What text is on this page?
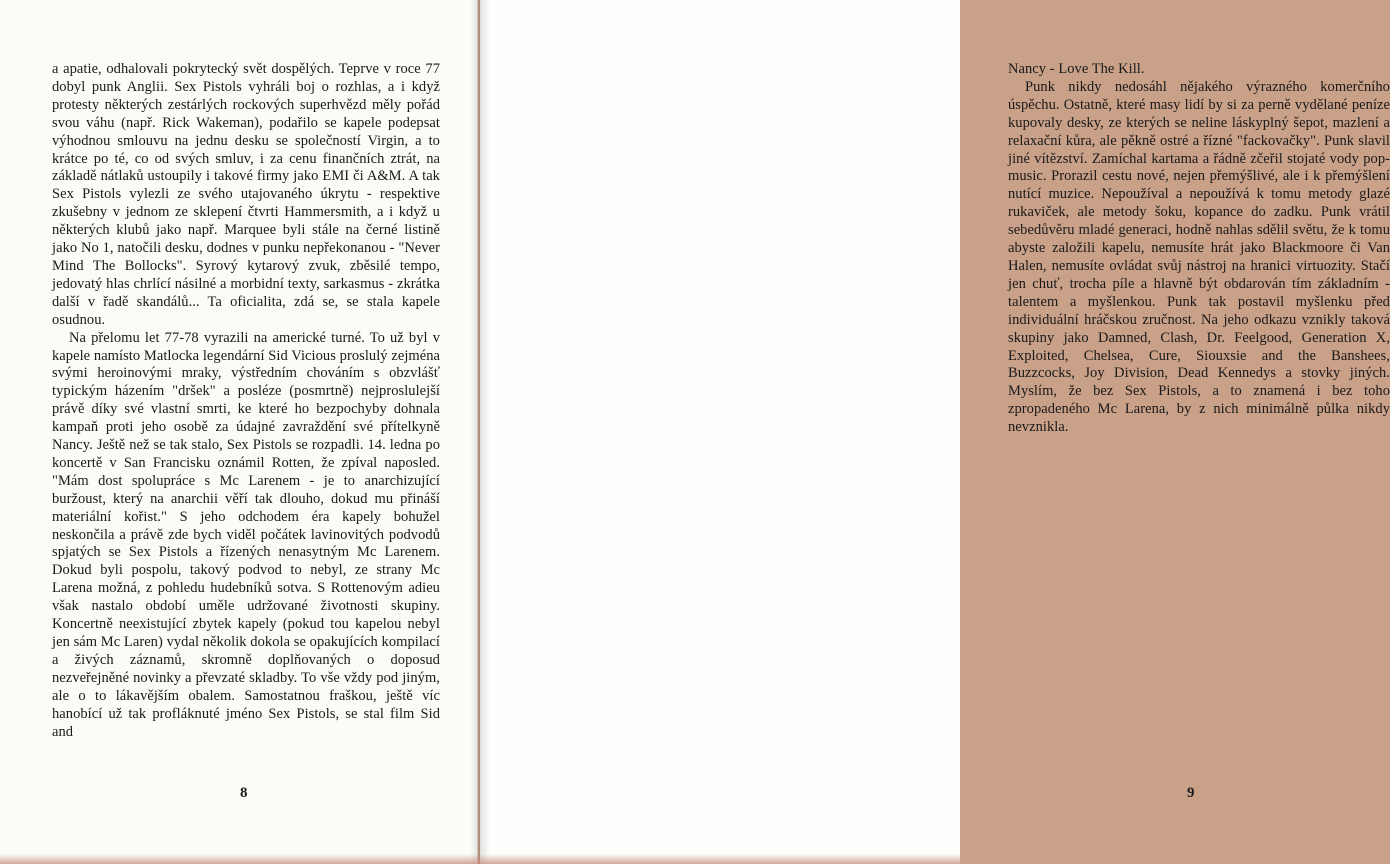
a apatie, odhalovali pokrytecký svět dospělých. Teprve v roce 77 dobyl punk Anglii. Sex Pistols vyhráli boj o rozhlas, a i když protesty některých zestárlých rockových superhvězd měly pořád svou váhu (např. Rick Wakeman), podařilo se kapele podepsat výhodnou smlouvu na jednu desku se společností Virgin, a to krátce po té, co od svých smluv, i za cenu finančních ztrát, na základě nátlaků ustoupily i takové firmy jako EMI či A&M. A tak Sex Pistols vylezli ze svého utajovaného úkrytu - respektive zkušebny v jednom ze sklepení čtvrti Hammersmith, a i když u některých klubů jako např. Marquee byli stále na černé listině jako No 1, natočili desku, dodnes v punku nepřekonanou - "Never Mind The Bollocks". Syrový kytarový zvuk, zběsilé tempo, jedovatý hlas chrlící násilné a morbidní texty, sarkasmus - zkrátka další v řadě skandálů... Ta oficialita, zdá se, se stala kapele osudnou.

Na přelomu let 77-78 vyrazili na americké turné. To už byl v kapele namísto Matlocka legendární Sid Vicious proslulý zejména svými heroinovými mraky, výstředním chováním s obzvlášť typickým házením "dršek" a posléze (posmrtně) nejproslulejší právě díky své vlastní smrti, ke které ho bezpochyby dohnala kampaň proti jeho osobě za údajné zavraždění své přítelkyně Nancy. Ještě než se tak stalo, Sex Pistols se rozpadli. 14. ledna po koncertě v San Francisku oznámil Rotten, že zpíval naposled. "Mám dost spolupráce s Mc Larenem - je to anarchizující buržoust, který na anarchii věří tak dlouho, dokud mu přináší materiální kořist." S jeho odchodem éra kapely bohužel neskončila a právě zde bych viděl počátek lavinovitých podvodů spjatých se Sex Pistols a řízených nenasytným Mc Larenem. Dokud byli pospolu, takový podvod to nebyl, ze strany Mc Larena možná, z pohledu hudebníků sotva. S Rottenovým adieu však nastalo období uměle udržované životnosti skupiny. Koncertně neexistující zbytek kapely (pokud tou kapelou nebyl jen sám Mc Laren) vydal několik dokola se opakujících kompilací a živých záznamů, skromně doplňovaných o doposud nezveřejněné novinky a převzaté skladby. To vše vždy pod jiným, ale o to lákavějším obalem. Samostatnou fraškou, ještě víc hanobící už tak profláknuté jméno Sex Pistols, se stal film Sid and

8

Nancy - Love The Kill.

Punk nikdy nedosáhl nějakého výrazného komerčního úspěchu. Ostatně, které masy lidí by si za perně vydělané peníze kupovaly desky, ze kterých se neline láskyplný šepot, mazlení a relaxační kůra, ale pěkně ostré a řízné "fackovačky". Punk slavil jiné vítězství. Zamíchal kartama a řádně zčeřil stojaté vody pop-music. Prorazil cestu nové, nejen přemýšlivé, ale i k přemýšlení nutící muzice. Nepoužíval a nepoužívá k tomu metody glazé rukaviček, ale metody šoku, kopance do zadku. Punk vrátil sebedůvěru mladé generaci, hodně nahlas sdělil světu, že k tomu abyste založili kapelu, nemusíte hrát jako Blackmoore či Van Halen, nemusíte ovládat svůj nástroj na hranici virtuozity. Stačí jen chuť, trocha píle a hlavně být obdarován tím základním - talentem a myšlenkou. Punk tak postavil myšlenku před individuální hráčskou zručnost. Na jeho odkazu vznikly taková skupiny jako Damned, Clash, Dr. Feelgood, Generation X, Exploited, Chelsea, Cure, Siouxsie and the Banshees, Buzzcocks, Joy Division, Dead Kennedys a stovky jiných. Myslím, že bez Sex Pistols, a to znamená i bez toho zpropadeného Mc Larena, by z nich minimálně půlka nikdy nevznikla.

9
